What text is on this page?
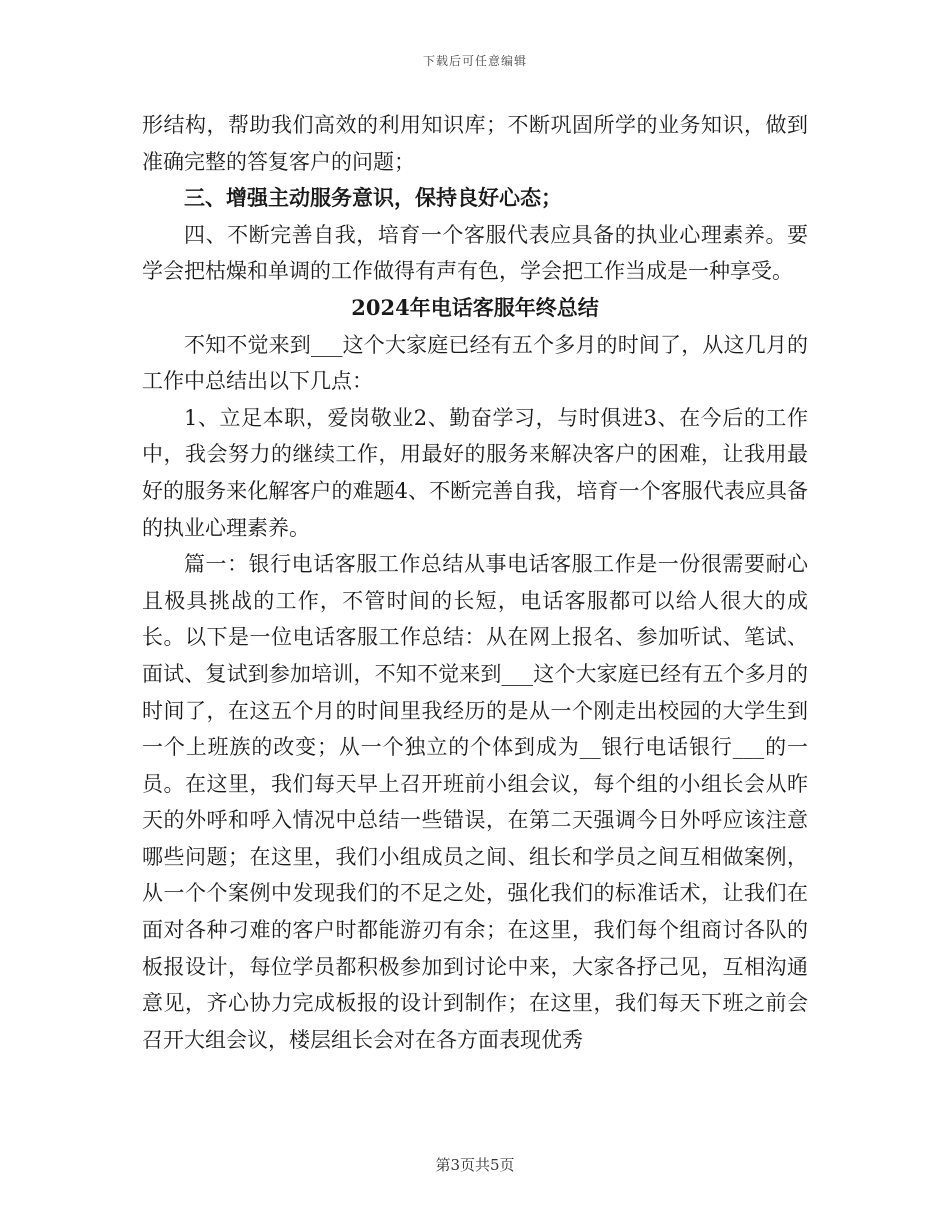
下载后可任意编辑

形结构，帮助我们高效的利用知识库；不断巩固所学的业务知识，做到准确完整的答复客户的问题；

三、增强主动服务意识，保持良好心态；

四、不断完善自我，培育一个客服代表应具备的执业心理素养。要学会把枯燥和单调的工作做得有声有色，学会把工作当成是一种享受。

2024年电话客服年终总结

不知不觉来到___这个大家庭已经有五个多月的时间了，从这几月的工作中总结出以下几点：

1、立足本职，爱岗敬业2、勤奋学习，与时俱进3、在今后的工作中，我会努力的继续工作，用最好的服务来解决客户的困难，让我用最好的服务来化解客户的难题4、不断完善自我，培育一个客服代表应具备的执业心理素养。

篇一：银行电话客服工作总结从事电话客服工作是一份很需要耐心且极具挑战的工作，不管时间的长短，电话客服都可以给人很大的成长。以下是一位电话客服工作总结：从在网上报名、参加听试、笔试、面试、复试到参加培训，不知不觉来到___这个大家庭已经有五个多月的时间了，在这五个月的时间里我经历的是从一个刚走出校园的大学生到一个上班族的改变；从一个独立的个体到成为__银行电话银行___的一员。在这里，我们每天早上召开班前小组会议，每个组的小组长会从昨天的外呼和呼入情况中总结一些错误，在第二天强调今日外呼应该注意哪些问题；在这里，我们小组成员之间、组长和学员之间互相做案例，从一个个案例中发现我们的不足之处，强化我们的标准话术，让我们在面对各种刁难的客户时都能游刃有余；在这里，我们每个组商讨各队的板报设计，每位学员都积极参加到讨论中来，大家各抒己见，互相沟通意见，齐心协力完成板报的设计到制作；在这里，我们每天下班之前会召开大组会议，楼层组长会对在各方面表现优秀

第3页共5页
